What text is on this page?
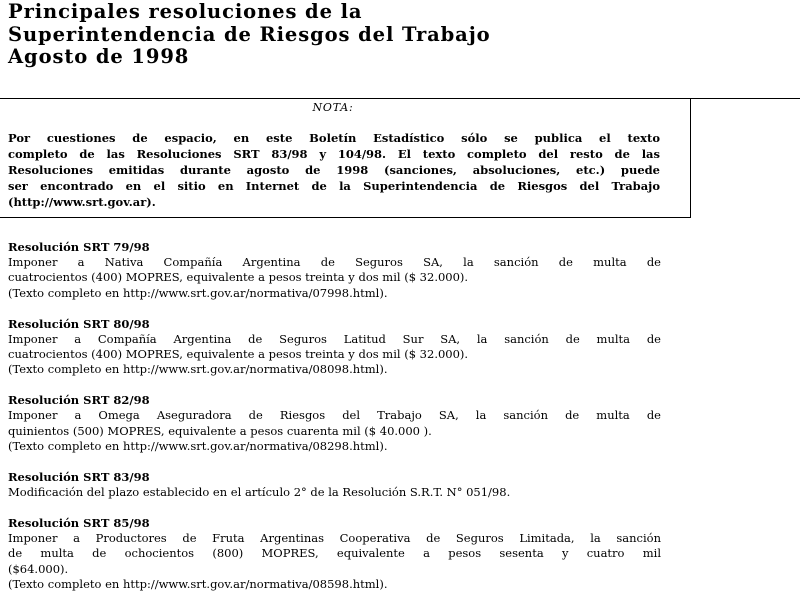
Principales resoluciones de la
Superintendencia de Riesgos del Trabajo
Agosto de 1998
NOTA:
Por cuestiones de espacio, en este Boletín Estadístico sólo se publica el texto
completo de las Resoluciones SRT 83/98 y 104/98. El texto completo del resto de las
Resoluciones emitidas durante agosto de 1998 (sanciones, absoluciones, etc.) puede
ser encontrado en el sitio en Internet de la Superintendencia de Riesgos del Trabajo
(http://www.srt.gov.ar).
Resolución SRT 79/98
Imponer a Nativa Compañía Argentina de Seguros SA, la sanción de multa de
cuatrocientos (400) MOPRES, equivalente a pesos treinta y dos mil ($ 32.000).
(Texto completo en http://www.srt.gov.ar/normativa/07998.html).
Resolución SRT 80/98
Imponer a Compañía Argentina de Seguros Latitud Sur SA, la sanción de multa de
cuatrocientos (400) MOPRES, equivalente a pesos treinta y dos mil ($ 32.000).
(Texto completo en http://www.srt.gov.ar/normativa/08098.html).
Resolución SRT 82/98
Imponer a Omega Aseguradora de Riesgos del Trabajo SA, la sanción de multa de
quinientos (500) MOPRES, equivalente a pesos cuarenta mil ($ 40.000 ).
(Texto completo en http://www.srt.gov.ar/normativa/08298.html).
Resolución SRT 83/98
Modificación del plazo establecido en el artículo 2° de la Resolución S.R.T. N° 051/98.
Resolución SRT 85/98
Imponer a Productores de Fruta Argentinas Cooperativa de Seguros Limitada, la sanción
de multa de ochocientos (800) MOPRES, equivalente a pesos sesenta y cuatro mil
($64.000).
(Texto completo en http://www.srt.gov.ar/normativa/08598.html).
